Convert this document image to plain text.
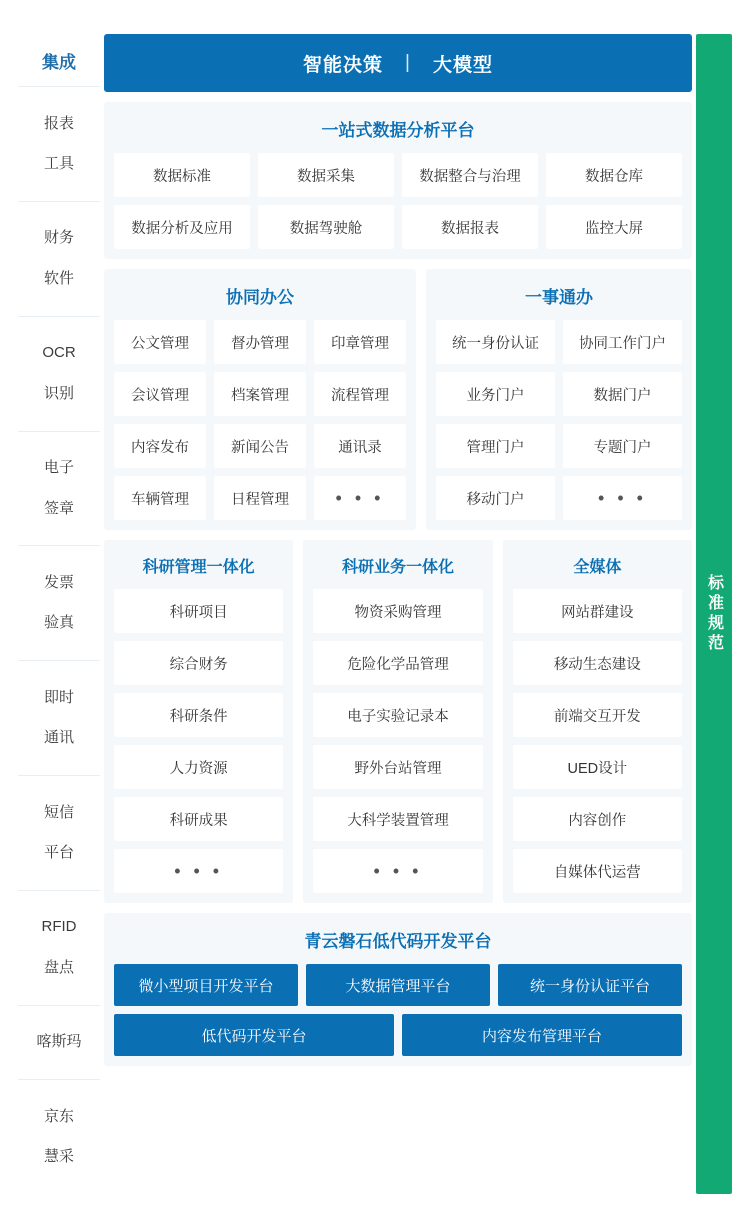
集成
报表

工具
财务

软件
OCR

识别
电子

签章
发票

验真
即时

通讯
短信

平台
RFID

盘点
喀斯玛
京东

慧采
标准规范
智能决策 | 大模型
一站式数据分析平台
数据标准	数据采集	数据整合与治理	数据仓库
数据分析及应用	数据驾驶舱	数据报表	监控大屏
协同办公
公文管理	督办管理	印章管理
会议管理	档案管理	流程管理
内容发布	新闻公告	通讯录
车辆管理	日程管理	• • •
一事通办
统一身份认证	协同工作门户
业务门户	数据门户
管理门户	专题门户
移动门户	• • •
科研管理一体化
科研项目
综合财务
科研条件
人力资源
科研成果
• • •
科研业务一体化
物资采购管理
危险化学品管理
电子实验记录本
野外台站管理
大科学装置管理
• • •
全媒体
网站群建设
移动生态建设
前端交互开发
UED设计
内容创作
自媒体代运营
青云磐石低代码开发平台
微小型项目开发平台	大数据管理平台	统一身份认证平台
低代码开发平台	内容发布管理平台
